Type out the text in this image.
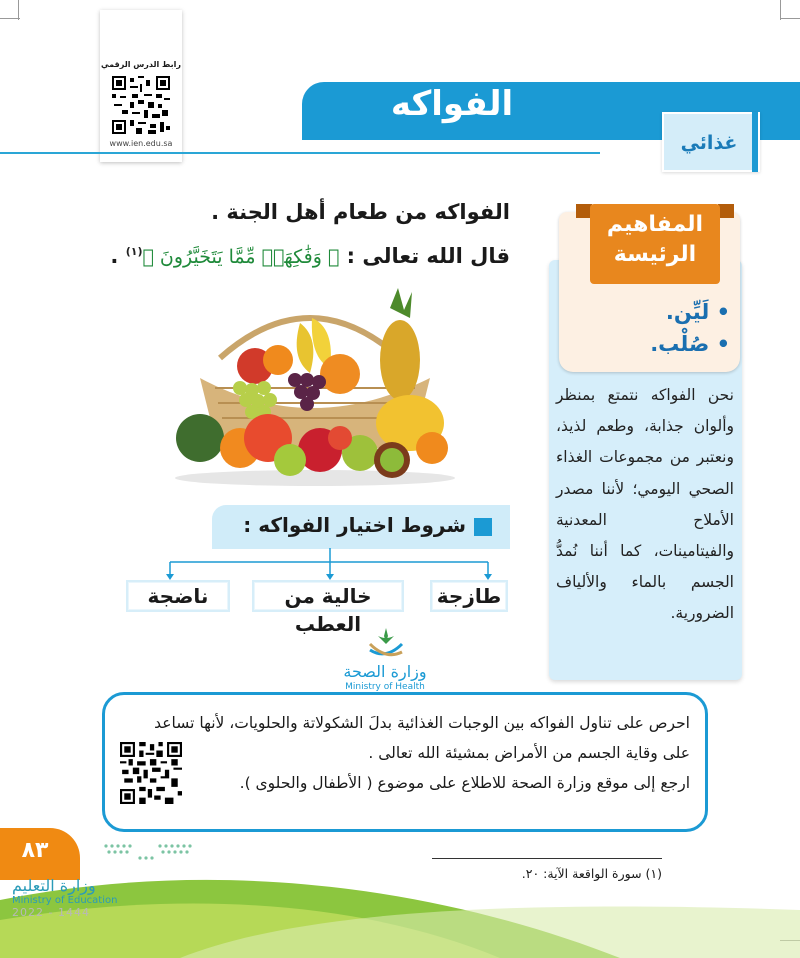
رابط الدرس الرقمي
www.ien.edu.sa
الفواكه
غذائي
الفواكه من طعام أهل الجنة .
قال الله تعالى : ﴿ وَفَٰكِهَةٖ مِّمَّا يَتَخَيَّرُونَ ﴾$^{(١)}$ .
المفاهيم
الرئيسة
• لَيِّن.
• صُلْب.
نحن الفواكه نتمتع بمنظر وألوان جذابة، وطعم لذيذ، ونعتبر من مجموعات الغذاء الصحي اليومي؛ لأننا مصدر الأملاح المعدنية والفيتامينات، كما أننا نُمدُّ الجسم بالماء والألياف الضرورية.
شروط اختيار الفواكه :
طازجة
خالية من العطب
ناضجة
وزارة الصحة
Ministry of Health
احرص على تناول الفواكه بين الوجبات الغذائية بدلَ الشكولاتة والحلويات، لأنها تساعد
على وقاية الجسم من الأمراض بمشيئة الله تعالى .
ارجع إلى موقع وزارة الصحة للاطلاع على موضوع ( الأطفال والحلوى ).
٨٣
وزارة التعليم
Ministry of Education
2022 - 1444
(١) سورة الواقعة الآية: ٢٠.
